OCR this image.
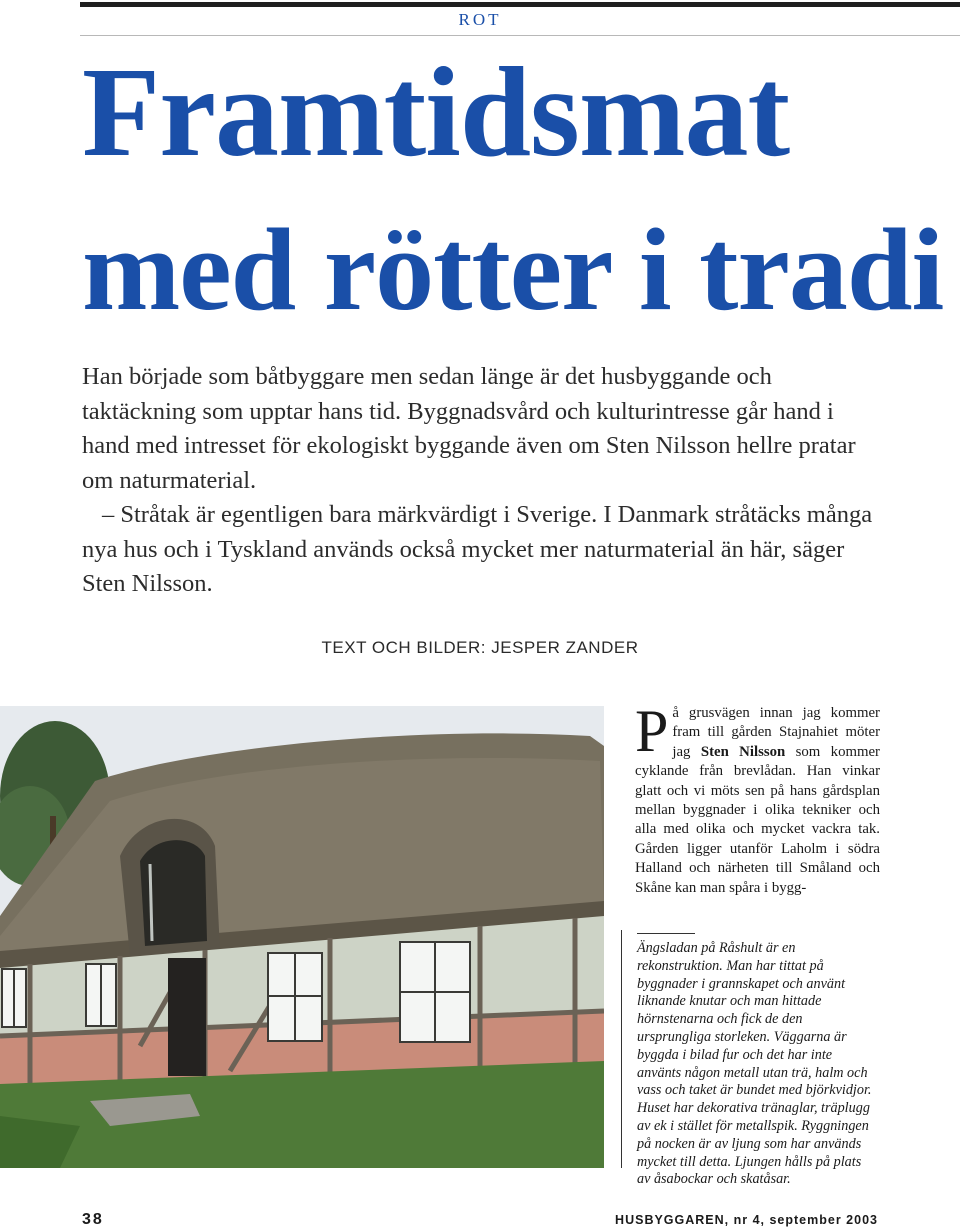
ROT
Framtidsmat
med rötter i tradi

Han började som båtbyggare men sedan länge är det husbyggande och taktäckning som upptar hans tid. Byggnadsvård och kulturintresse går hand i hand med intresset för ekologiskt byggande även om Sten Nilsson hellre pratar om naturmaterial.
– Stråtak är egentligen bara märkvärdigt i Sverige. I Danmark stråtäcks många nya hus och i Tyskland används också mycket mer naturmaterial än här, säger Sten Nilsson.

TEXT OCH BILDER: JESPER ZANDER

På grusvägen innan jag kommer fram till gården Stajnahiet möter jag Sten Nilsson som kommer cyklande från brevlådan. Han vinkar glatt och vi möts sen på hans gårdsplan mellan byggnader i olika tekniker och alla med olika och mycket vackra tak. Gården ligger utanför Laholm i södra Halland och närheten till Småland och Skåne kan man spåra i bygg-

Ängsladan på Råshult är en rekonstruktion. Man har tittat på byggnader i grannskapet och använt liknande knutar och man hittade hörnstenarna och fick de den ursprungliga storleken. Väggarna är byggda i bilad fur och det har inte använts någon metall utan trä, halm och vass och taket är bundet med björkvidjor. Huset har dekorativa tränaglar, träplugg av ek i stället för metallspik. Ryggningen på nocken är av ljung som har används mycket till detta. Ljungen hålls på plats av åsabockar och skatåsar.

38	HUSBYGGAREN, nr 4, september 2003
